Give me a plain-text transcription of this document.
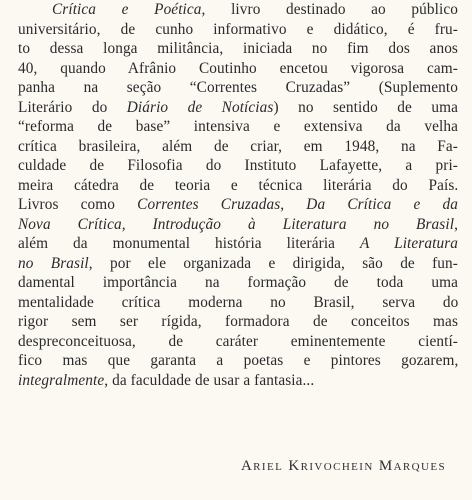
Crítica e Poética, livro destinado ao público
universitário, de cunho informativo e didático, é fru-
to dessa longa militância, iniciada no fim dos anos
40, quando Afrânio Coutinho encetou vigorosa cam-
panha na seção “Correntes Cruzadas” (Suplemento
Literário do Diário de Notícias) no sentido de uma
“reforma de base” intensiva e extensiva da velha
crítica brasileira, além de criar, em 1948, na Fa-
culdade de Filosofia do Instituto Lafayette, a pri-
meira cátedra de teoria e técnica literária do País.
Livros como Correntes Cruzadas, Da Crítica e da
Nova Crítica, Introdução à Literatura no Brasil,
além da monumental história literária A Literatura
no Brasil, por ele organizada e dirigida, são de fun-
damental importância na formação de toda uma
mentalidade crítica moderna no Brasil, serva do
rigor sem ser rígida, formadora de conceitos mas
despreconceituosa, de caráter eminentemente cientí-
fico mas que garanta a poetas e pintores gozarem,
integralmente, da faculdade de usar a fantasia...
Ariel Krivochein Marques
